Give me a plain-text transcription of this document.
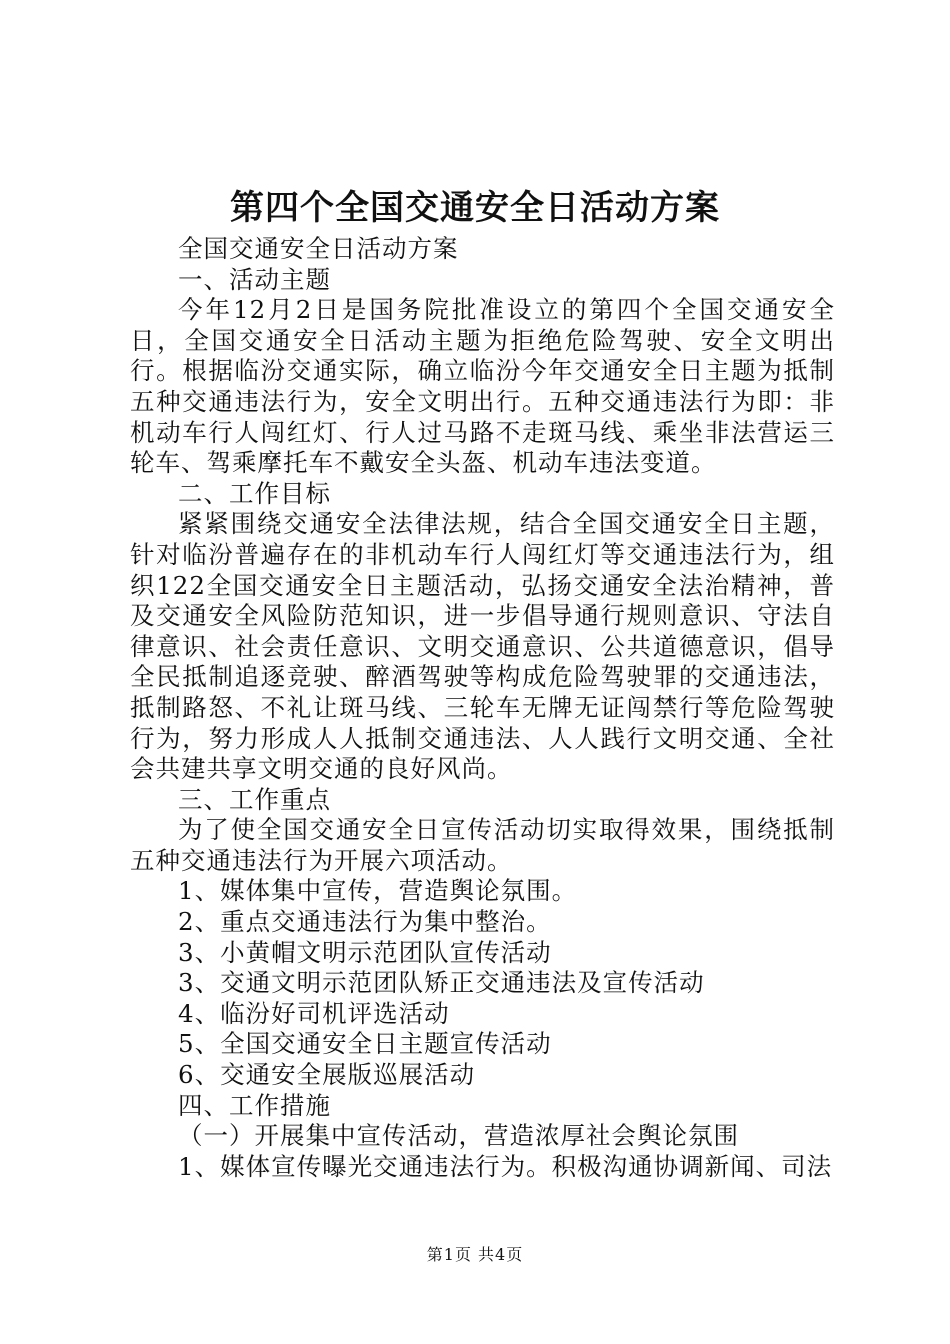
第四个全国交通安全日活动方案

全国交通安全日活动方案

一、活动主题

今年12月2日是国务院批准设立的第四个全国交通安全日，全国交通安全日活动主题为拒绝危险驾驶、安全文明出行。根据临汾交通实际，确立临汾今年交通安全日主题为抵制五种交通违法行为，安全文明出行。五种交通违法行为即：非机动车行人闯红灯、行人过马路不走斑马线、乘坐非法营运三轮车、驾乘摩托车不戴安全头盔、机动车违法变道。

二、工作目标

紧紧围绕交通安全法律法规，结合全国交通安全日主题，针对临汾普遍存在的非机动车行人闯红灯等交通违法行为，组织122全国交通安全日主题活动，弘扬交通安全法治精神，普及交通安全风险防范知识，进一步倡导通行规则意识、守法自律意识、社会责任意识、文明交通意识、公共道德意识，倡导全民抵制追逐竞驶、醉酒驾驶等构成危险驾驶罪的交通违法，抵制路怒、不礼让斑马线、三轮车无牌无证闯禁行等危险驾驶行为，努力形成人人抵制交通违法、人人践行文明交通、全社会共建共享文明交通的良好风尚。

三、工作重点

为了使全国交通安全日宣传活动切实取得效果，围绕抵制五种交通违法行为开展六项活动。

1、媒体集中宣传，营造舆论氛围。

2、重点交通违法行为集中整治。

3、小黄帽文明示范团队宣传活动

3、交通文明示范团队矫正交通违法及宣传活动

4、临汾好司机评选活动

5、全国交通安全日主题宣传活动

6、交通安全展版巡展活动

四、工作措施

（一）开展集中宣传活动，营造浓厚社会舆论氛围

1、媒体宣传曝光交通违法行为。积极沟通协调新闻、司法

第1页 共4页
